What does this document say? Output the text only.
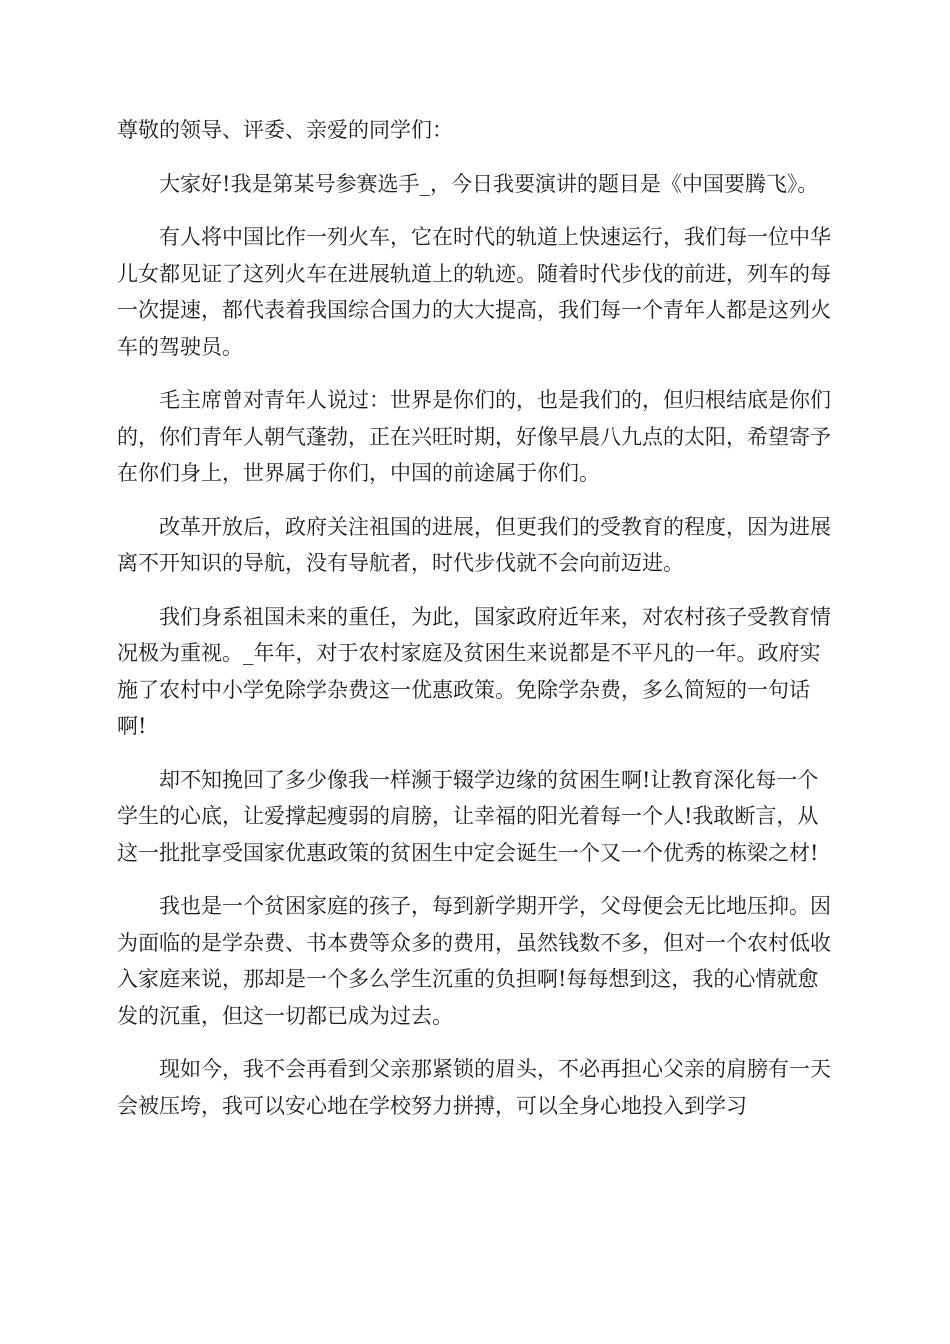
尊敬的领导、评委、亲爱的同学们：

大家好!我是第某号参赛选手_，今日我要演讲的题目是《中国要腾飞》。

有人将中国比作一列火车，它在时代的轨道上快速运行，我们每一位中华儿女都见证了这列火车在进展轨道上的轨迹。随着时代步伐的前进，列车的每一次提速，都代表着我国综合国力的大大提高，我们每一个青年人都是这列火车的驾驶员。

毛主席曾对青年人说过：世界是你们的，也是我们的，但归根结底是你们的，你们青年人朝气蓬勃，正在兴旺时期，好像早晨八九点的太阳，希望寄予在你们身上，世界属于你们，中国的前途属于你们。

改革开放后，政府关注祖国的进展，但更我们的受教育的程度，因为进展离不开知识的导航，没有导航者，时代步伐就不会向前迈进。

我们身系祖国未来的重任，为此，国家政府近年来，对农村孩子受教育情况极为重视。_年年，对于农村家庭及贫困生来说都是不平凡的一年。政府实施了农村中小学免除学杂费这一优惠政策。免除学杂费，多么简短的一句话啊!

却不知挽回了多少像我一样濒于辍学边缘的贫困生啊!让教育深化每一个学生的心底，让爱撑起瘦弱的肩膀，让幸福的阳光着每一个人!我敢断言，从这一批批享受国家优惠政策的贫困生中定会诞生一个又一个优秀的栋梁之材!

我也是一个贫困家庭的孩子，每到新学期开学，父母便会无比地压抑。因为面临的是学杂费、书本费等众多的费用，虽然钱数不多，但对一个农村低收入家庭来说，那却是一个多么学生沉重的负担啊!每每想到这，我的心情就愈发的沉重，但这一切都已成为过去。

现如今，我不会再看到父亲那紧锁的眉头，不必再担心父亲的肩膀有一天会被压垮，我可以安心地在学校努力拼搏，可以全身心地投入到学习
